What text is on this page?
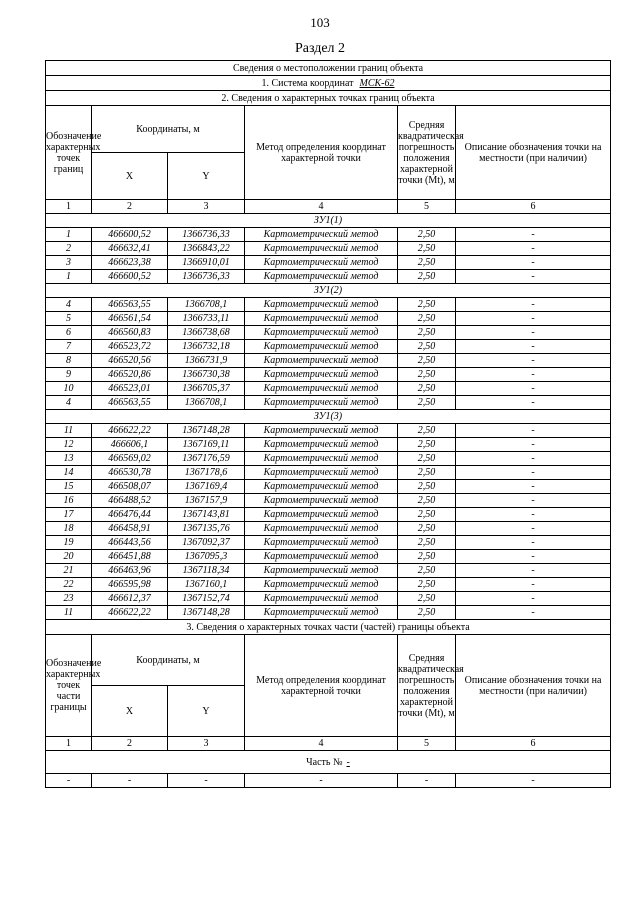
103
Раздел 2
Сведения о местоположении границ объекта					
1. Система координат МСК-62					
2. Сведения о характерных точках границ объекта					
Обозначение характерных точек границ	Координаты, м		Метод определения координат характерной точки	Средняя квадратическая погрешность положения характерной точки (Mt), м	Описание обозначения точки на местности (при наличии)
	X	Y			
1	2	3	4	5	6
ЗУ1(1)					
1	466600,52	1366736,33	Картометрический метод	2,50	-
2	466632,41	1366843,22	Картометрический метод	2,50	-
3	466623,38	1366910,01	Картометрический метод	2,50	-
1	466600,52	1366736,33	Картометрический метод	2,50	-
ЗУ1(2)					
4	466563,55	1366708,1	Картометрический метод	2,50	-
5	466561,54	1366733,11	Картометрический метод	2,50	-
6	466560,83	1366738,68	Картометрический метод	2,50	-
7	466523,72	1366732,18	Картометрический метод	2,50	-
8	466520,56	1366731,9	Картометрический метод	2,50	-
9	466520,86	1366730,38	Картометрический метод	2,50	-
10	466523,01	1366705,37	Картометрический метод	2,50	-
4	466563,55	1366708,1	Картометрический метод	2,50	-
ЗУ1(3)					
11	466622,22	1367148,28	Картометрический метод	2,50	-
12	466606,1	1367169,11	Картометрический метод	2,50	-
13	466569,02	1367176,59	Картометрический метод	2,50	-
14	466530,78	1367178,6	Картометрический метод	2,50	-
15	466508,07	1367169,4	Картометрический метод	2,50	-
16	466488,52	1367157,9	Картометрический метод	2,50	-
17	466476,44	1367143,81	Картометрический метод	2,50	-
18	466458,91	1367135,76	Картометрический метод	2,50	-
19	466443,56	1367092,37	Картометрический метод	2,50	-
20	466451,88	1367095,3	Картометрический метод	2,50	-
21	466463,96	1367118,34	Картометрический метод	2,50	-
22	466595,98	1367160,1	Картометрический метод	2,50	-
23	466612,37	1367152,74	Картометрический метод	2,50	-
11	466622,22	1367148,28	Картометрический метод	2,50	-
3. Сведения о характерных точках части (частей) границы объекта					
Обозначение характерных точек части границы	Координаты, м		Метод определения координат характерной точки	Средняя квадратическая погрешность положения характерной точки (Mt), м	Описание обозначения точки на местности (при наличии)
	X	Y			
1	2	3	4	5	6
Часть № -					
-	-	-	-	-	-
